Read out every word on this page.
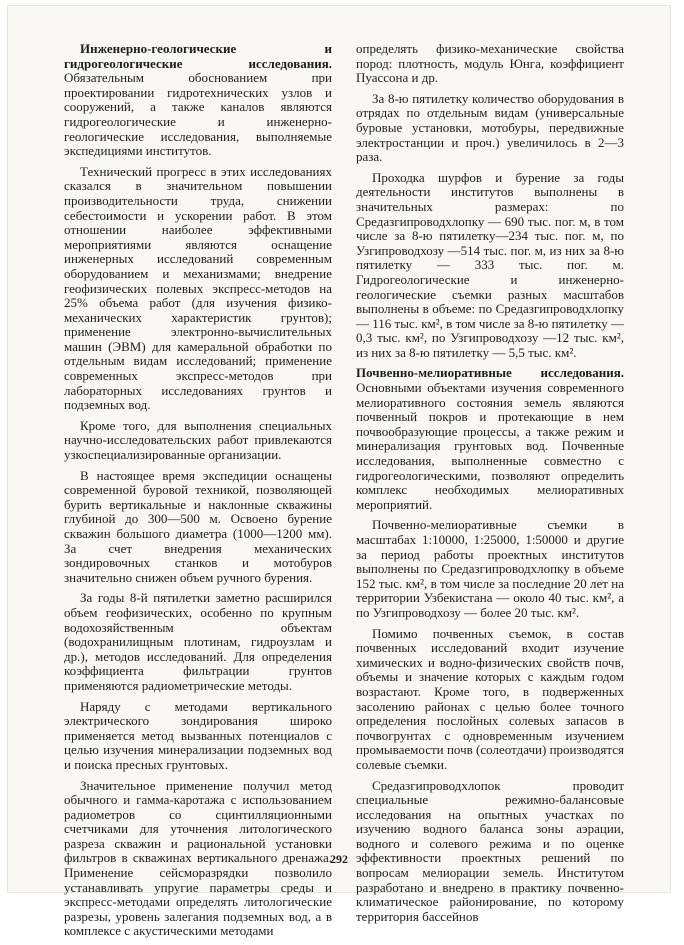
Инженерно-геологические и гидрогеологические исследования. Обязательным обоснованием при проектировании гидротехнических узлов и сооружений, а также каналов являются гидрогеологические и инженерно-геологические исследования, выполняемые экспедициями институтов.

Технический прогресс в этих исследованиях сказался в значительном повышении производительности труда, снижении себестоимости и ускорении работ. В этом отношении наиболее эффективными мероприятиями являются оснащение инженерных исследований современным оборудованием и механизмами; внедрение геофизических полевых экспресс-методов на 25% объема работ (для изучения физико-механических характеристик грунтов); применение электронно-вычислительных машин (ЭВМ) для камеральной обработки по отдельным видам исследований; применение современных экспресс-методов при лабораторных исследованиях грунтов и подземных вод.

Кроме того, для выполнения специальных научно-исследовательских работ привлекаются узкоспециализированные организации.

В настоящее время экспедиции оснащены современной буровой техникой, позволяющей бурить вертикальные и наклонные скважины глубиной до 300—500 м. Освоено бурение скважин большого диаметра (1000—1200 мм). За счет внедрения механических зондировочных станков и мотобуров значительно снижен объем ручного бурения.

За годы 8-й пятилетки заметно расширился объем геофизических, особенно по крупным водохозяйственным объектам (водохранилищным плотинам, гидроузлам и др.), методов исследований. Для определения коэффициента фильтрации грунтов применяются радиометрические методы.

Наряду с методами вертикального электрического зондирования широко применяется метод вызванных потенциалов с целью изучения минерализации подземных вод и поиска пресных грунтовых.

Значительное применение получил метод обычного и гамма-каротажа с использованием радиометров со сцинтилляционными счетчиками для уточнения литологического разреза скважин и рациональной установки фильтров в скважинах вертикального дренажа. Применение сейсморазрядки позволило устанавливать упругие параметры среды и экспресс-методами определять литологические разрезы, уровень залегания подземных вод, а в комплексе с акустическими методами

определять физико-механические свойства пород: плотность, модуль Юнга, коэффициент Пуассона и др.

За 8-ю пятилетку количество оборудования в отрядах по отдельным видам (универсальные буровые установки, мотобуры, передвижные электростанции и проч.) увеличилось в 2—3 раза.

Проходка шурфов и бурение за годы деятельности институтов выполнены в значительных размерах: по Средазгипроводхлопку — 690 тыс. пог. м, в том числе за 8-ю пятилетку—234 тыс. пог. м, по Узгипроводхозу —514 тыс. пог. м, из них за 8-ю пятилетку — 333 тыс. пог. м. Гидрогеологические и инженерно-геологические съемки разных масштабов выполнены в объеме: по Средазгипроводхлопку — 116 тыс. км², в том числе за 8-ю пятилетку —0,3 тыс. км², по Узгипроводхозу —12 тыс. км², из них за 8-ю пятилетку — 5,5 тыс. км².

Почвенно-мелиоративные исследования. Основными объектами изучения современного мелиоративного состояния земель являются почвенный покров и протекающие в нем почвообразующие процессы, а также режим и минерализация грунтовых вод. Почвенные исследования, выполненные совместно с гидрогеологическими, позволяют определить комплекс необходимых мелиоративных мероприятий.

Почвенно-мелиоративные съемки в масштабах 1:10000, 1:25000, 1:50000 и другие за период работы проектных институтов выполнены по Средазгипроводхлопку в объеме 152 тыс. км², в том числе за последние 20 лет на территории Узбекистана — около 40 тыс. км², а по Узгипроводхозу — более 20 тыс. км².

Помимо почвенных съемок, в состав почвенных исследований входит изучение химических и водно-физических свойств почв, объемы и значение которых с каждым годом возрастают. Кроме того, в подверженных засолению районах с целью более точного определения послойных солевых запасов в почвогрунтах с одновременным изучением промываемости почв (солеотдачи) производятся солевые съемки.

Средазгипроводхлопок проводит специальные режимно-балансовые исследования на опытных участках по изучению водного баланса зоны аэрации, водного и солевого режима и по оценке эффективности проектных решений по вопросам мелиорации земель. Институтом разработано и внедрено в практику почвенно-климатическое районирование, по которому территория бассейнов

292
